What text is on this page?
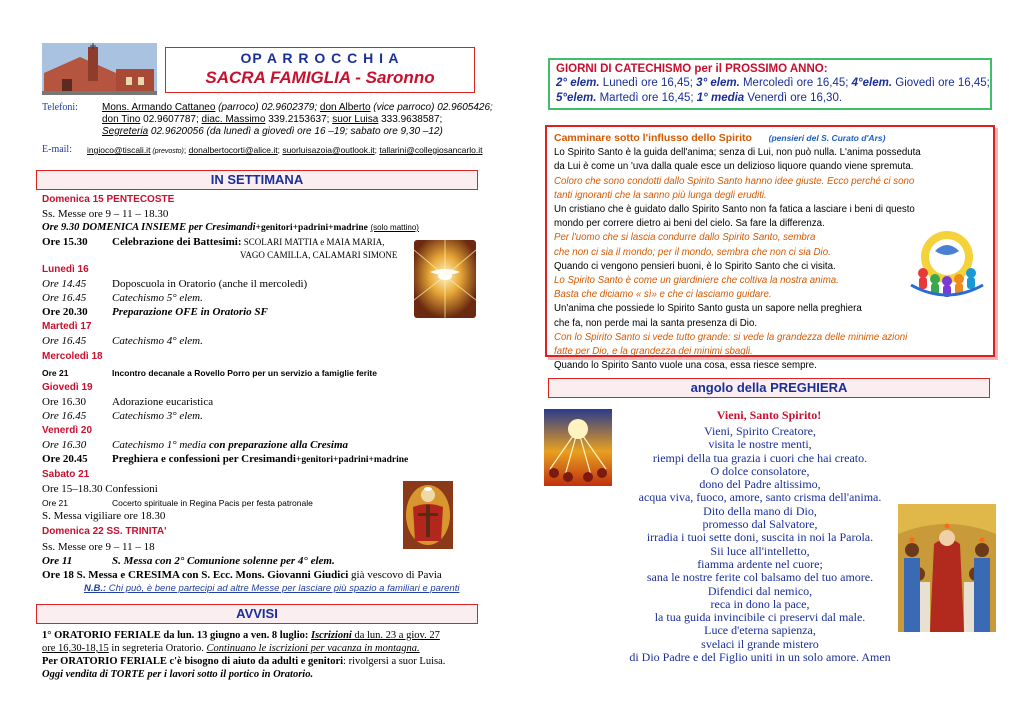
OP A R R O C C H I A
SACRA FAMIGLIA - Saronno
Telefoni: Mons. Armando Cattaneo (parroco) 02.9602379; don Alberto (vice parroco) 02.9605426;
don Tino 02.9607787; diac. Massimo 339.2153637; suor Luisa 333.9638587;
Segreteria 02.9620056 (da lunedì a giovedì ore 16 –19; sabato ore 9,30 –12)
E-mail: ingioco@tiscali.it (prevosto); donalbertocorti@alice.it; suorluisazoia@outlook.it; tallarini@collegiosancarlo.it
IN SETTIMANA
Domenica 15 PENTECOSTE
Ss. Messe ore 9 – 11 – 18.30
Ore 9.30 DOMENICA INSIEME per Cresimandi+genitori+padrini+madrine (solo mattino)
Ore 15.30 Celebrazione dei Battesimi: SCOLARI MATTIA e MAIA MARIA,
VAGO CAMILLA, CALAMARI SIMONE
Lunedì 16
Ore 14.45 Doposcuola in Oratorio (anche il mercoledì)
Ore 16.45 Catechismo 5° elem.
Ore 20.30 Preparazione OFE in Oratorio SF
Martedì 17
Ore 16.45 Catechismo 4° elem.
Mercoledì 18
Ore 21	Incontro decanale a Rovello Porro per un servizio a famiglie ferite
Giovedì 19
Ore 16.30 Adorazione eucaristica
Ore 16.45 Catechismo 3° elem.
Venerdì 20
Ore 16.30 Catechismo 1° media con preparazione alla Cresima
Ore 20.45 Preghiera e confessioni per Cresimandi+genitori+padrini+madrine
Sabato 21
Ore 15–18.30 Confessioni
Ore 21	Cocerto spirituale in Regina Pacis per festa patronale
S. Messa vigiliare ore 18.30
Domenica 22 SS. TRINITA'
Ss. Messe ore 9 – 11 – 18
Ore 11	S. Messa con 2° Comunione solenne per 4° elem.
Ore 18 S. Messa e CRESIMA con S. Ecc. Mons. Giovanni Giudici già vescovo di Pavia
N.B.: Chi può, è bene partecipi ad altre Messe per lasciare più spazio a familiari e parenti
AVVISI
1° ORATORIO FERIALE da lun. 13 giugno a ven. 8 luglio: Iscrizioni da lun. 23 a giov. 27
ore 16,30-18,15 in segreteria Oratorio. Continuano le iscrizioni per vacanza in montagna.
Per ORATORIO FERIALE c'è bisogno di aiuto da adulti e genitori: rivolgersi a suor Luisa.
Oggi vendita di TORTE per i lavori sotto il portico in Oratorio.
GIORNI DI CATECHISMO per il PROSSIMO ANNO:
2° elem. Lunedì ore 16,45; 3° elem. Mercoledì ore 16,45; 4°elem. Giovedì ore 16,45;
5°elem. Martedì ore 16,45; 1° media Venerdì ore 16,30.
Camminare sotto l'influsso dello Spirito (pensieri del S. Curato d'Ars)
Lo Spirito Santo è la guida dell'anima; senza di Lui, non può nulla. L'anima posseduta
da Lui è come un 'uva dalla quale esce un delizioso liquore quando viene spremuta.
Coloro che sono condotti dallo Spirito Santo hanno idee giuste. Ecco perché ci sono
tanti ignoranti che la sanno più lunga degli eruditi.
Un cristiano che è guidato dallo Spirito Santo non fa fatica a lasciare i beni di questo
mondo per correre dietro ai beni del cielo. Sa fare la differenza.
Per l'uomo che si lascia condurre dallo Spirito Santo, sembra
che non ci sia il mondo; per il mondo, sembra che non ci sia Dio.
Quando ci vengono pensieri buoni, è lo Spirito Santo che ci visita.
Lo Spirito Santo è come un giardiniere che coltiva la nostra anima.
Basta che diciamo « sì» e che ci lasciamo guidare.
Un'anima che possiede lo Spirito Santo gusta un sapore nella preghiera
che fa, non perde mai la santa presenza di Dio.
Con lo Spirito Santo si vede tutto grande: si vede la grandezza delle minime azioni
fatte per Dio, e la grandezza dei minimi sbagli.
Quando lo Spirito Santo vuole una cosa, essa riesce sempre.
angolo della PREGHIERA
Vieni, Santo Spirito!
Vieni, Spirito Creatore,
visita le nostre menti,
riempi della tua grazia i cuori che hai creato.
O dolce consolatore,
dono del Padre altissimo,
acqua viva, fuoco, amore, santo crisma dell'anima.
Dito della mano di Dio,
promesso dal Salvatore,
irradia i tuoi sette doni, suscita in noi la Parola.
Sii luce all'intelletto,
fiamma ardente nel cuore;
sana le nostre ferite col balsamo del tuo amore.
Difendici dal nemico,
reca in dono la pace,
la tua guida invincibile ci preservi dal male.
Luce d'eterna sapienza,
svelaci il grande mistero
di Dio Padre e del Figlio uniti in un solo amore. Amen
